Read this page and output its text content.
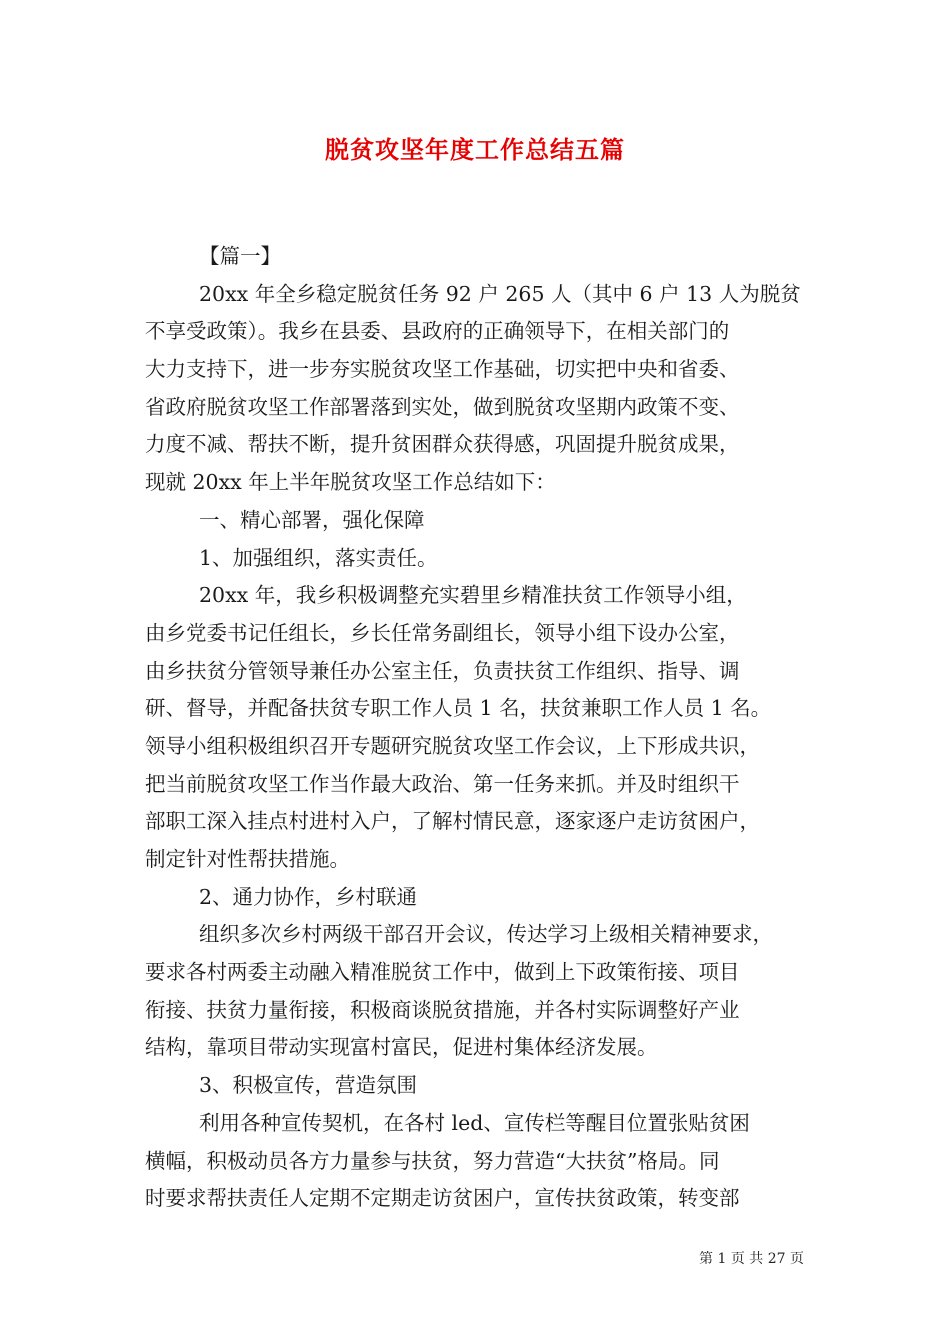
脱贫攻坚年度工作总结五篇
【篇一】
20xx 年全乡稳定脱贫任务 92 户 265 人（其中 6 户 13 人为脱贫
不享受政策）。我乡在县委、县政府的正确领导下，在相关部门的
大力支持下，进一步夯实脱贫攻坚工作基础，切实把中央和省委、
省政府脱贫攻坚工作部署落到实处，做到脱贫攻坚期内政策不变、
力度不减、帮扶不断，提升贫困群众获得感，巩固提升脱贫成果，
现就 20xx 年上半年脱贫攻坚工作总结如下：
一、精心部署，强化保障
1、加强组织，落实责任。
20xx 年，我乡积极调整充实碧里乡精准扶贫工作领导小组，
由乡党委书记任组长，乡长任常务副组长，领导小组下设办公室，
由乡扶贫分管领导兼任办公室主任，负责扶贫工作组织、指导、调
研、督导，并配备扶贫专职工作人员 1 名，扶贫兼职工作人员 1 名。
领导小组积极组织召开专题研究脱贫攻坚工作会议，上下形成共识，
把当前脱贫攻坚工作当作最大政治、第一任务来抓。并及时组织干
部职工深入挂点村进村入户，了解村情民意，逐家逐户走访贫困户，
制定针对性帮扶措施。
2、通力协作，乡村联通
组织多次乡村两级干部召开会议，传达学习上级相关精神要求，
要求各村两委主动融入精准脱贫工作中，做到上下政策衔接、项目
衔接、扶贫力量衔接，积极商谈脱贫措施，并各村实际调整好产业
结构，靠项目带动实现富村富民，促进村集体经济发展。
3、积极宣传，营造氛围
利用各种宣传契机，在各村 led、宣传栏等醒目位置张贴贫困
横幅，积极动员各方力量参与扶贫，努力营造“大扶贫”格局。同
时要求帮扶责任人定期不定期走访贫困户，宣传扶贫政策，转变部
第 1 页 共 27 页
